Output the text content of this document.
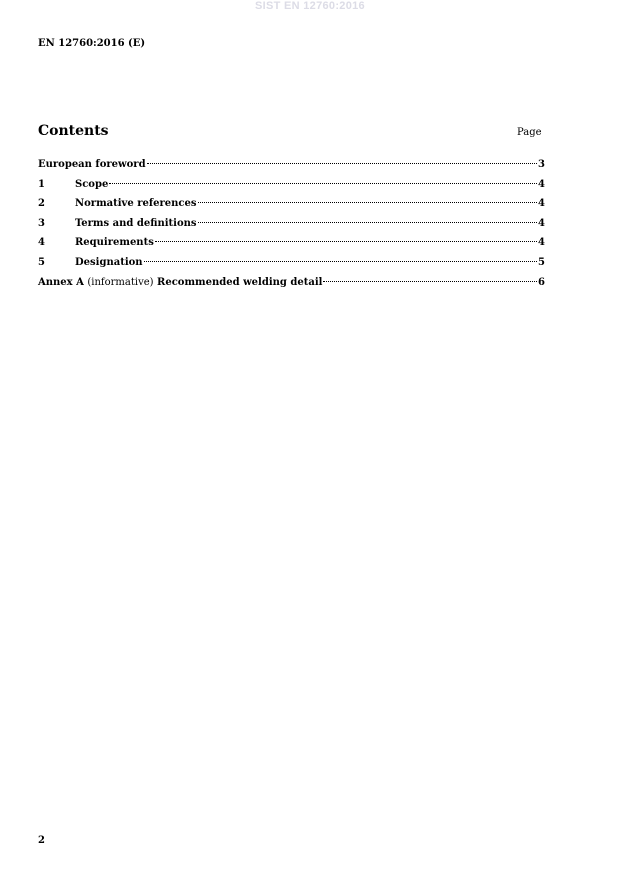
SIST EN 12760:2016
EN 12760:2016 (E)
Contents	Page
European foreword	3
1	Scope	4
2	Normative references	4
3	Terms and definitions	4
4	Requirements	4
5	Designation	5
Annex A (informative) Recommended welding detail	6
2
